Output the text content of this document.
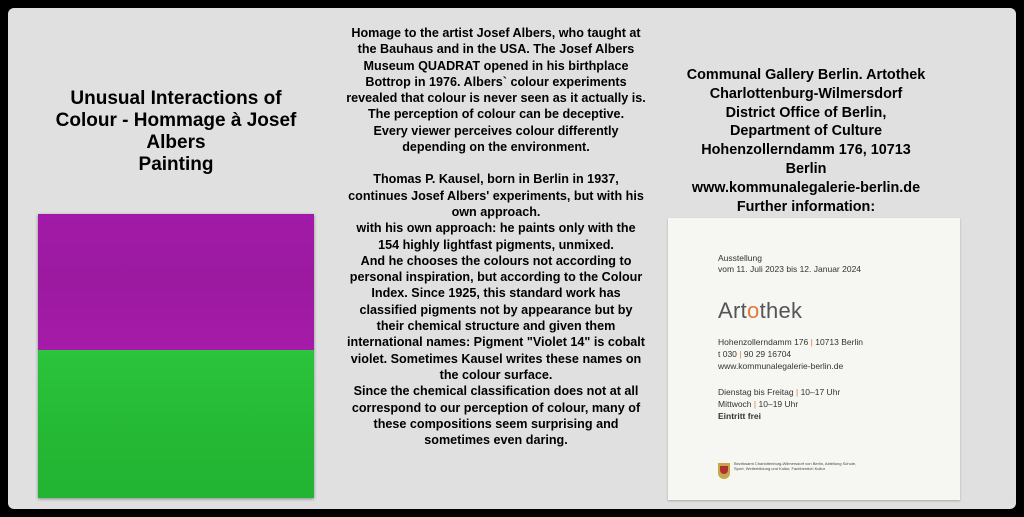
Unusual Interactions of
Colour - Hommage à Josef
Albers
Painting

Homage to the artist Josef Albers, who taught at the Bauhaus and in the USA. The Josef Albers Museum QUADRAT opened in his birthplace Bottrop in 1976. Albers` colour experiments revealed that colour is never seen as it actually is. The perception of colour can be deceptive.

Every viewer perceives colour differently depending on the environment.

Thomas P. Kausel, born in Berlin in 1937, continues Josef Albers' experiments, but with his own approach.

with his own approach: he paints only with the 154 highly lightfast pigments, unmixed.

And he chooses the colours not according to personal inspiration, but according to the Colour Index. Since 1925, this standard work has classified pigments not by appearance but by their chemical structure and given them international names: Pigment "Violet 14" is cobalt violet. Sometimes Kausel writes these names on the colour surface.

Since the chemical classification does not at all correspond to our perception of colour, many of these compositions seem surprising and sometimes even daring.

Communal Gallery Berlin. Artothek
Charlottenburg-Wilmersdorf
District Office of Berlin,
Department of Culture
Hohenzollerndamm 176, 10713
Berlin
www.kommunalegalerie-berlin.de
Further information:
Ausstellung
vom 11. Juli 2023 bis 12. Januar 2024
Artothek
Hohenzollerndamm 176 | 10713 Berlin
t 030 | 90 29 16704
www.kommunalegalerie-berlin.de
Dienstag bis Freitag | 10–17 Uhr
Mittwoch | 10–19 Uhr
Eintritt frei
Bezirksamt Charlottenburg-Wilmersdorf von Berlin, Abteilung Schule, Sport, Weiterbildung und Kultur, Fachbereich Kultur
